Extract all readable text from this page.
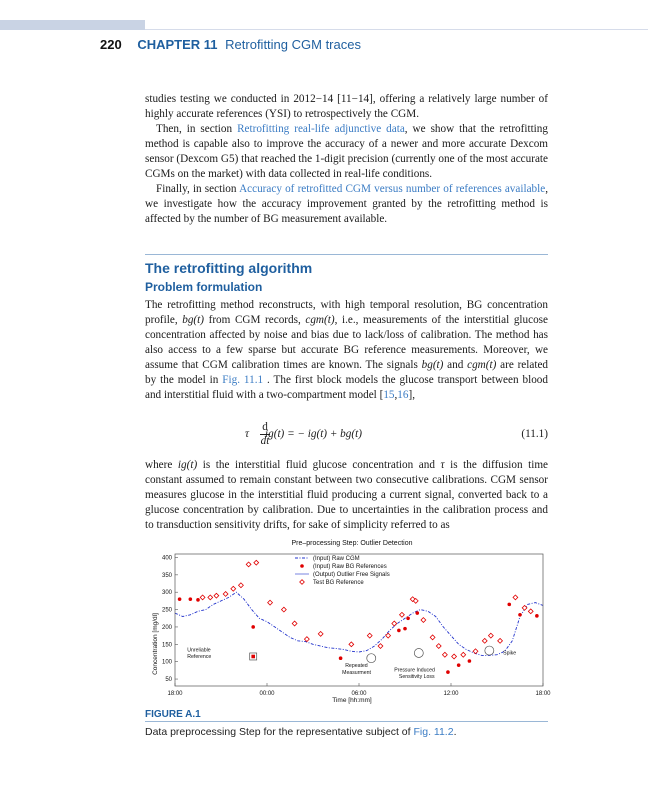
220 CHAPTER 11 Retrofitting CGM traces

studies testing we conducted in 2012−14 [11−14], offering a relatively large number of highly accurate references (YSI) to retrospectively the CGM.

Then, in section Retrofitting real-life adjunctive data, we show that the retrofitting method is capable also to improve the accuracy of a newer and more accurate Dexcom sensor (Dexcom G5) that reached the 1-digit precision (currently one of the most accurate CGMs on the market) with data collected in real-life conditions.

Finally, in section Accuracy of retrofitted CGM versus number of references available, we investigate how the accuracy improvement granted by the retrofitting method is affected by the number of BG measurement available.

The retrofitting algorithm
Problem formulation

The retrofitting method reconstructs, with high temporal resolution, BG concentration profile, bg(t) from CGM records, cgm(t), i.e., measurements of the interstitial glucose concentration affected by noise and bias due to lack/loss of calibration. The method has also access to a few sparse but accurate BG reference measurements. Moreover, we assume that CGM calibration times are known. The signals bg(t) and cgm(t) are related by the model in Fig. 11.1 . The first block models the glucose transport between blood and interstitial fluid with a two-compartment model [15,16],

d
dt
τ ig(t) = − ig(t) + bg(t)	(11.1)

where ig(t) is the interstitial fluid glucose concentration and τ is the diffusion time constant assumed to remain constant between two consecutive calibrations. CGM sensor measures glucose in the interstitial fluid producing a current signal, converted back to a glucose concentration by calibration. Due to uncertainties in the calibration process and to transduction sensitivity drifts, for sake of simplicity referred to as

Pre–processing Step: Outlier Detection
Unreliable
Reference
Repeated
Measurment	Pressure Induced
Sensitivity Loss
Spike
50
100
150
200
250
300
350
400
18:00	00:00	06:00	12:00	18:00
(Input) Raw CGM
(Input) Raw BG References
(Output) Outlier Free Signals
Test BG Reference
Time [hh:mm]
Concentration [mg/dl]
FIGURE A.1
Data preprocessing Step for the representative subject of Fig. 11.2.
